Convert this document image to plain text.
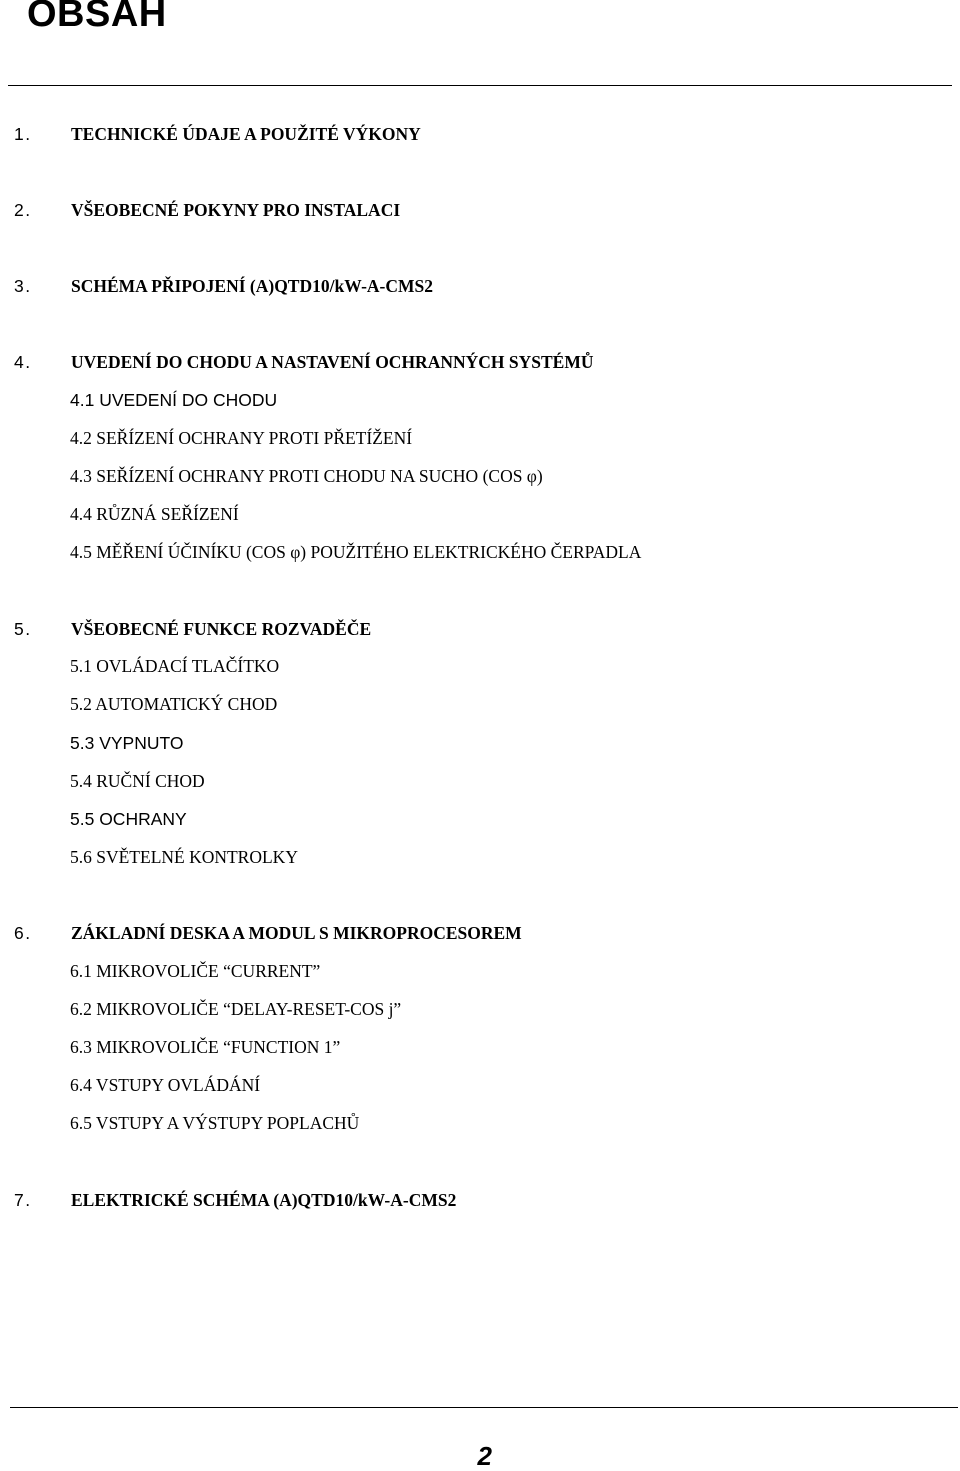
OBSAH
1. TECHNICKÉ ÚDAJE A POUŽITÉ VÝKONY
2. VŠEOBECNÉ POKYNY PRO INSTALACI
3. SCHÉMA PŘIPOJENÍ (A)QTD10/kW-A-CMS2
4. UVEDENÍ DO CHODU A NASTAVENÍ OCHRANNÝCH SYSTÉMŮ
4.1 UVEDENÍ DO CHODU
4.2 SEŘÍZENÍ OCHRANY PROTI PŘETÍŽENÍ
4.3 SEŘÍZENÍ OCHRANY PROTI CHODU NA SUCHO (COS φ)
4.4 RŮZNÁ SEŘÍZENÍ
4.5 MĚŘENÍ ÚČINÍKU (COS φ) POUŽITÉHO ELEKTRICKÉHO ČERPADLA
5. VŠEOBECNÉ FUNKCE ROZVADĚČE
5.1 OVLÁDACÍ TLAČÍTKO
5.2 AUTOMATICKÝ CHOD
5.3 VYPNUTO
5.4 RUČNÍ CHOD
5.5 OCHRANY
5.6 SVĚTELNÉ KONTROLKY
6. ZÁKLADNÍ DESKA A MODUL S MIKROPROCESOREM
6.1 MIKROVOLIČE “CURRENT”
6.2 MIKROVOLIČE “DELAY-RESET-COS j”
6.3 MIKROVOLIČE “FUNCTION 1”
6.4 VSTUPY OVLÁDÁNÍ
6.5 VSTUPY A VÝSTUPY POPLACHŮ
7. ELEKTRICKÉ SCHÉMA (A)QTD10/kW-A-CMS2

2
